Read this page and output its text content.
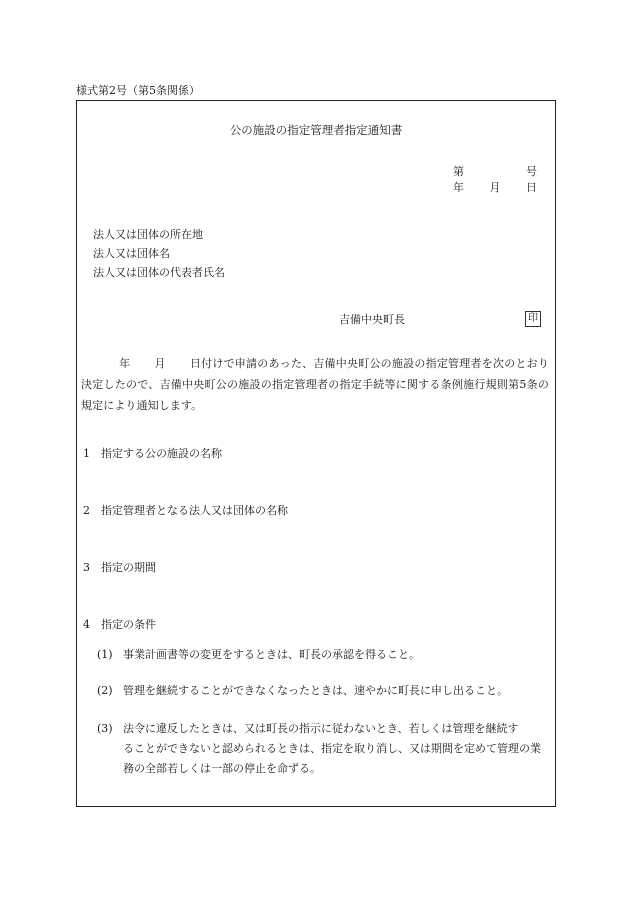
様式第2号（第5条関係）
公の施設の指定管理者指定通知書
第	号
年 月 日
法人又は団体の所在地
法人又は団体名
法人又は団体の代表者氏名
吉備中央町長	印
年 月 日付けで申請のあった、吉備中央町公の施設の指定管理者を次のとおり決定したので、吉備中央町公の施設の指定管理者の指定手続等に関する条例施行規則第5条の規定により通知します。
1 指定する公の施設の名称
2 指定管理者となる法人又は団体の名称
3 指定の期間
4 指定の条件
(1) 事業計画書等の変更をするときは、町長の承認を得ること。
(2) 管理を継続することができなくなったときは、速やかに町長に申し出ること。
(3) 法令に違反したときは、又は町長の指示に従わないとき、若しくは管理を継続す
ることができないと認められるときは、指定を取り消し、又は期間を定めて管理の業務の全部若しくは一部の停止を命ずる。
